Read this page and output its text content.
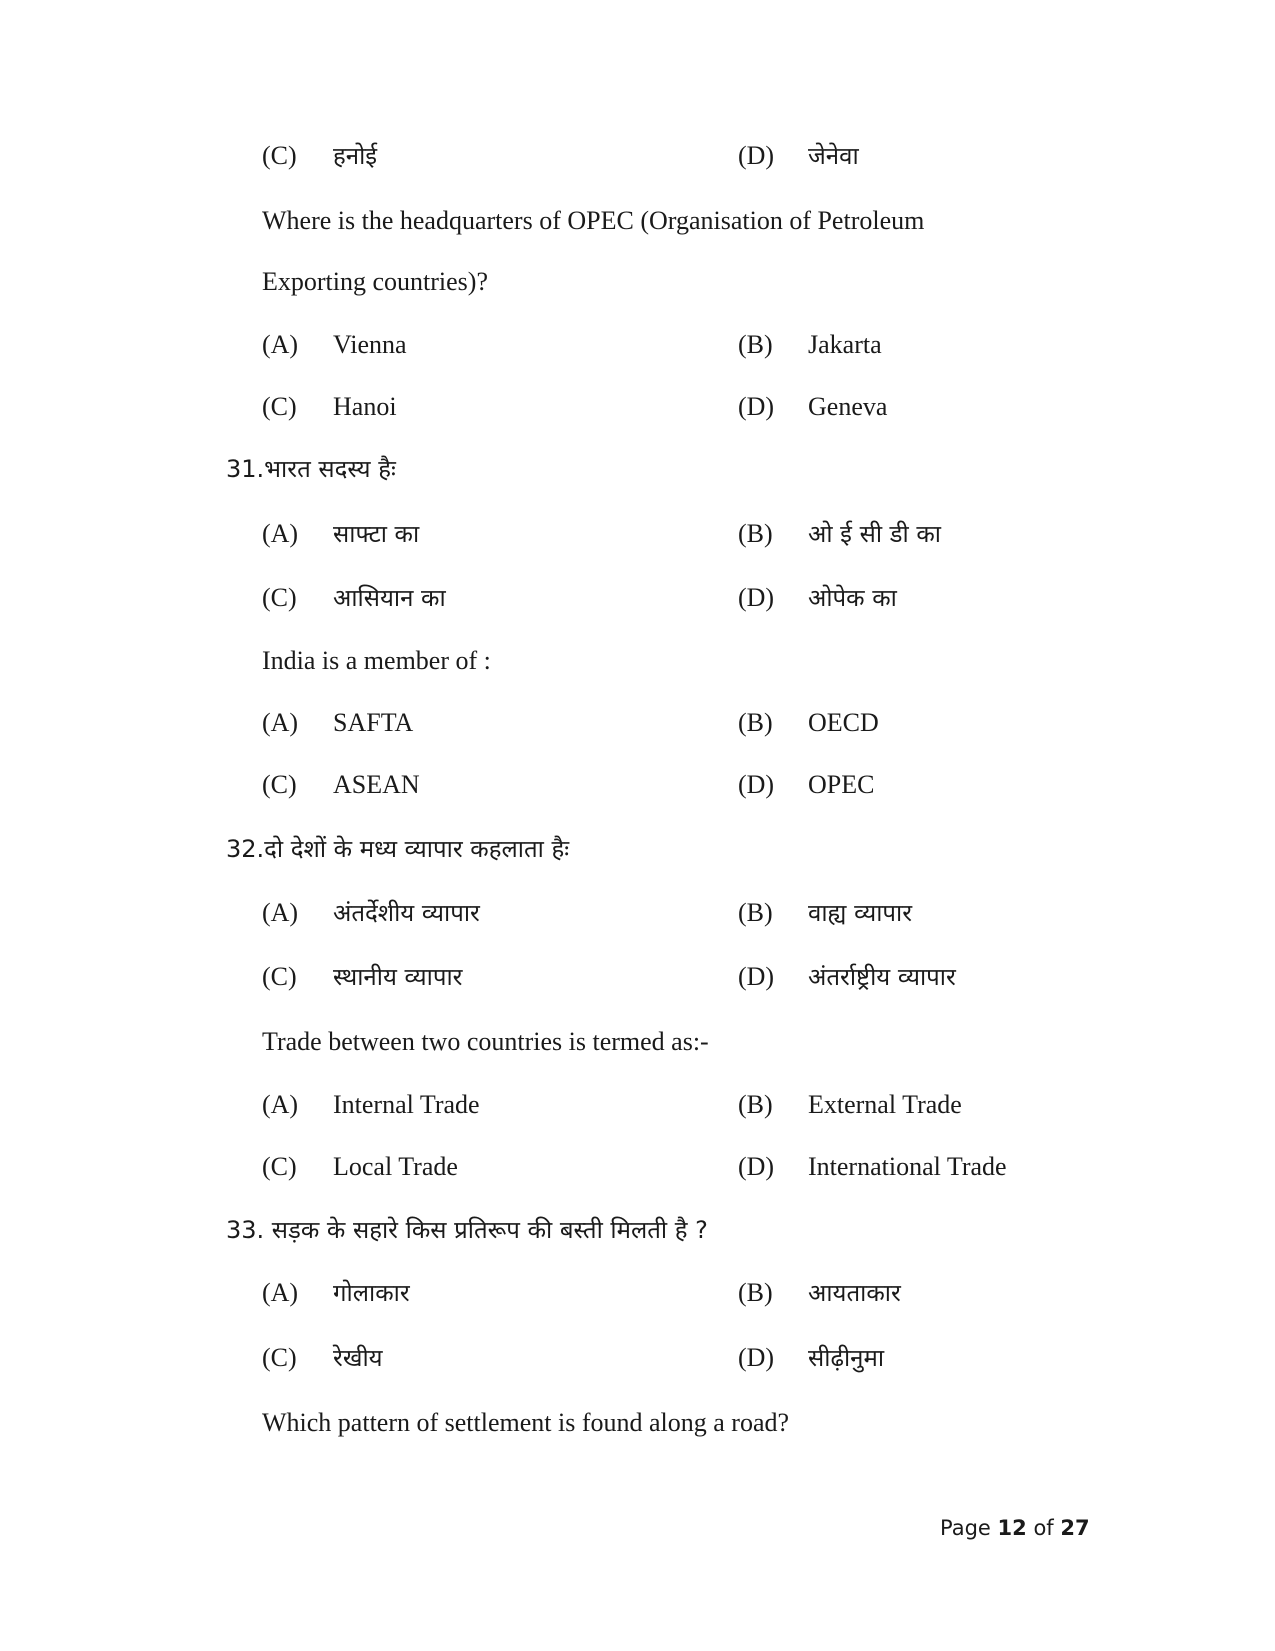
(C) हनोई	(D) जेनेवा
Where is the headquarters of OPEC (Organisation of Petroleum
Exporting countries)?
(A) Vienna	(B) Jakarta
(C) Hanoi	(D) Geneva
31.भारत सदस्य हैः
(A) साफ्टा का	(B) ओ ई सी डी का
(C) आसियान का	(D) ओपेक का
India is a member of :
(A) SAFTA	(B) OECD
(C) ASEAN	(D) OPEC
32.दो देशों के मध्य व्यापार कहलाता हैः
(A) अंतर्देशीय व्यापार	(B) वाह्य व्यापार
(C) स्थानीय व्यापार	(D) अंतर्राष्ट्रीय व्यापार
Trade between two countries is termed as:-
(A) Internal Trade	(B) External Trade
(C) Local Trade	(D) International Trade
33. सड़क के सहारे किस प्रतिरूप की बस्ती मिलती है ?
(A) गोलाकार	(B) आयताकार
(C) रेखीय	(D) सीढ़ीनुमा
Which pattern of settlement is found along a road?
Page 12 of 27
